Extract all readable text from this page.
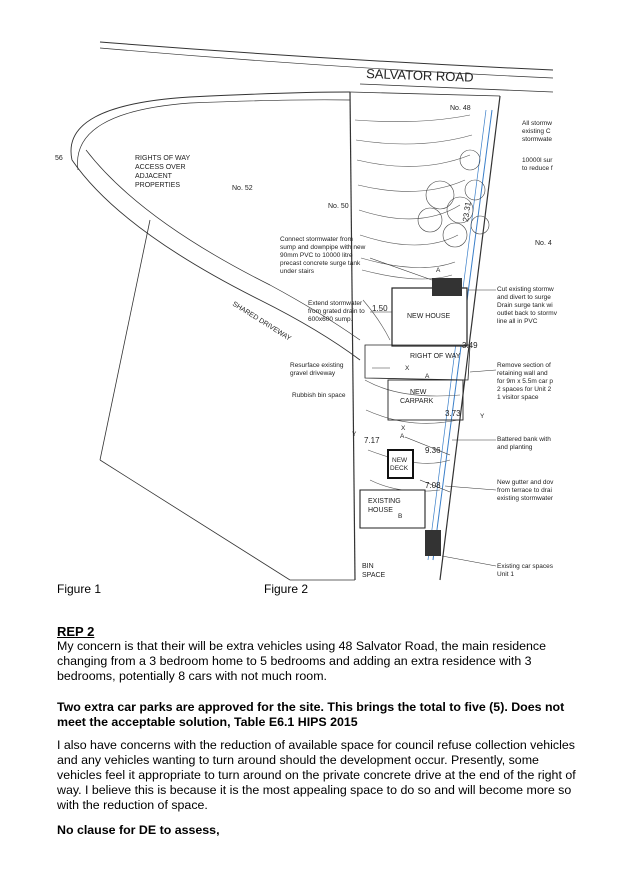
SALVATOR ROAD
No. 48
No. 52
No. 50
No. 4
56	RIGHTS OF WAY
ACCESS OVER
ADJACENT
PROPERTIES
SHARED DRIVEWAY
Connect stormwater from
sump and downpipe with new
90mm PVC to 10000 litre
precast concrete surge tank
under stairs
Extend stormwater
from grated drain to
600x600 sump.
Resurface existing
gravel driveway
Rubbish bin space
All stormw
existing C
stormwate
10000l sur
to reduce f
Cut existing stormw
and divert to surge
Drain surge tank wi
outlet back to stormv
line all in PVC
Remove section of
retaining wall and
for 9m x 5.5m car p
2 spaces for Unit 2
1 visitor space
Battered bank with
and planting
New gutter and dov
from terrace to drai
existing stormwater
Existing car spaces
Unit 1
NEW HOUSE
RIGHT OF WAY
NEW
CARPARK
NEW
DECK
EXISTING
HOUSE
BIN
SPACE
23.31
1.50
3.49
3.73
7.17
9.36
7.08
X
X
A
A
A
B
Y
Y
Figure 1	Figure 2

REP 2

My concern is that their will be extra vehicles using 48 Salvator Road, the main residence changing from a 3 bedroom home to 5 bedrooms and adding an extra residence with 3 bedrooms, potentially 8 cars with not much room.

Two extra car parks are approved for the site. This brings the total to five (5). Does not meet the acceptable solution, Table E6.1 HIPS 2015

I also have concerns with the reduction of available space for council refuse collection vehicles and any vehicles wanting to turn around should the development occur. Presently, some vehicles feel it appropriate to turn around on the private concrete drive at the end of the right of way. I believe this is because it is the most appealing space to do so and will become more so with the reduction of space.

No clause for DE to assess,
